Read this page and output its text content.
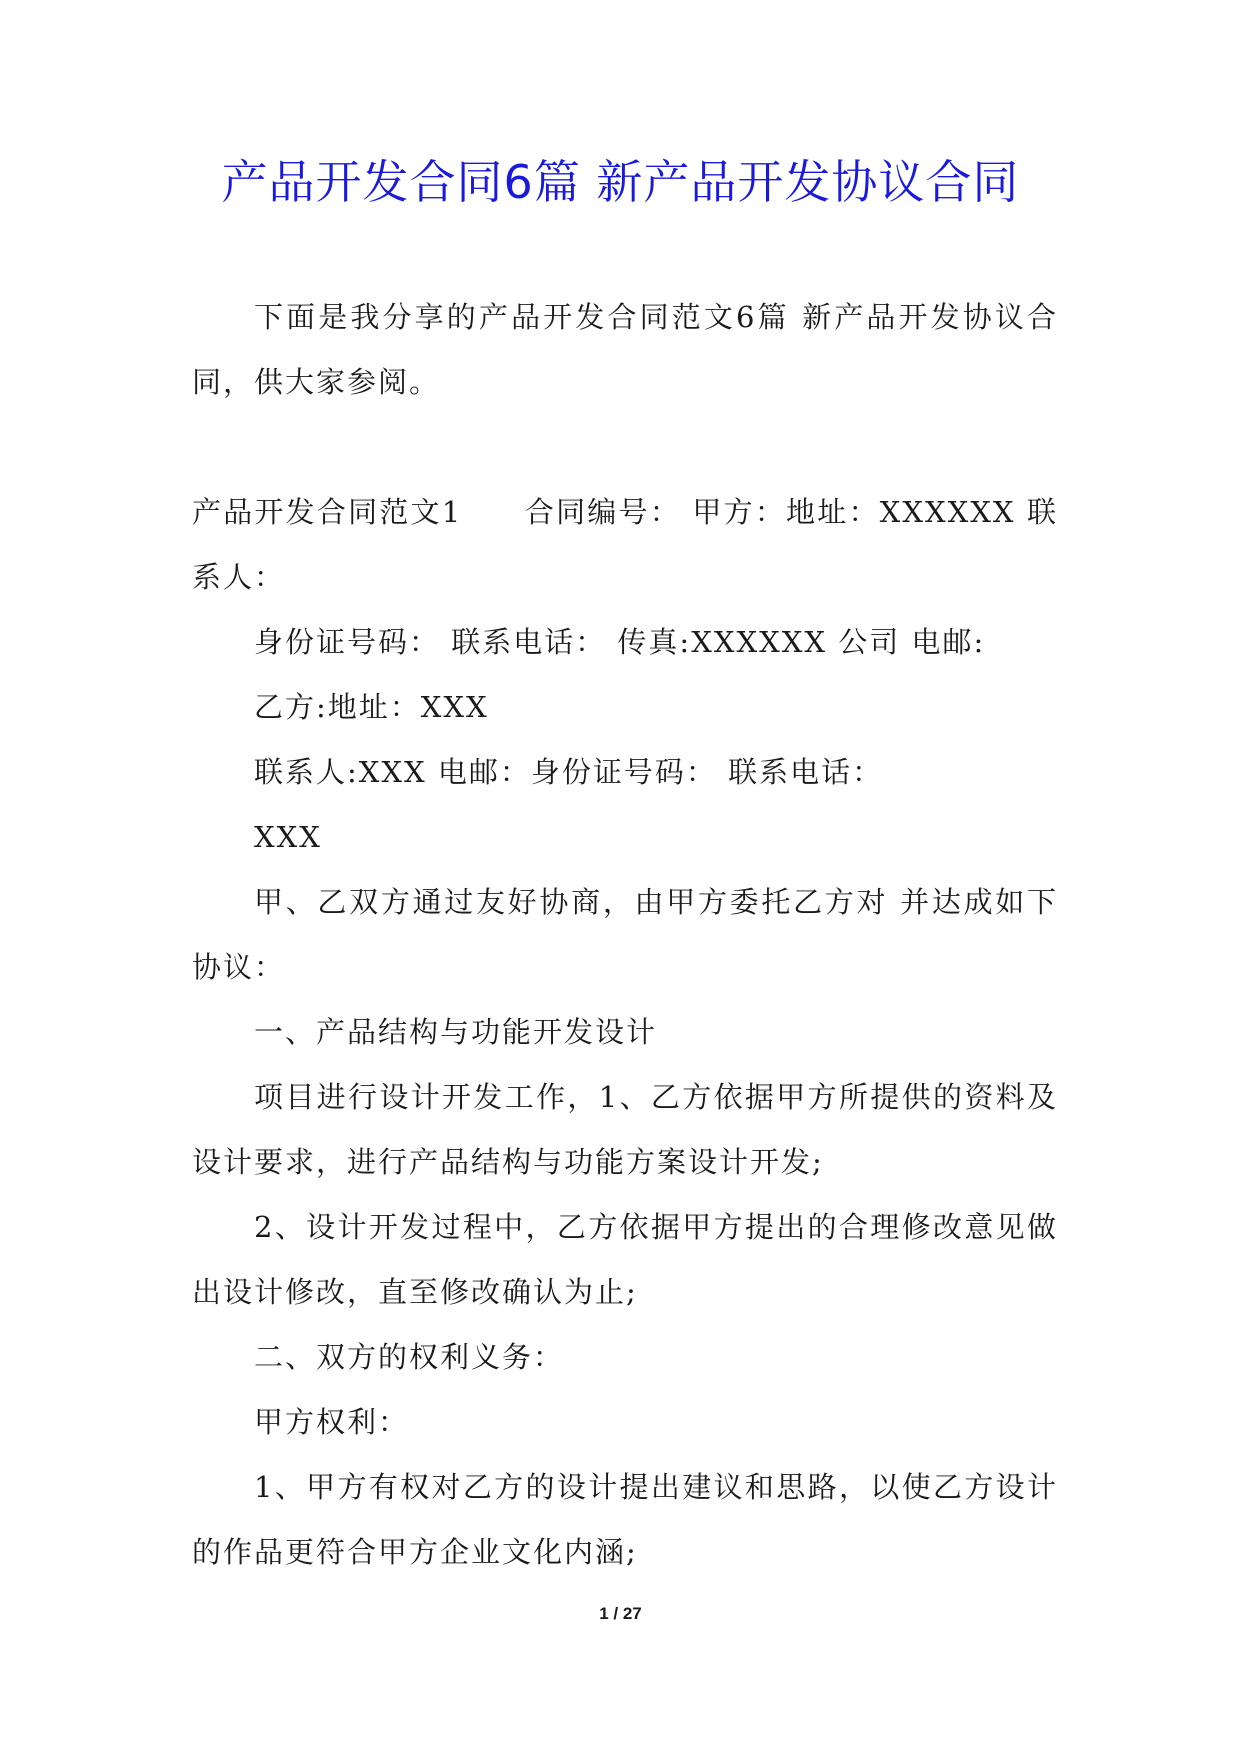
产品开发合同6篇 新产品开发协议合同

下面是我分享的产品开发合同范文6篇 新产品开发协议合同，供大家参阅。

产品开发合同范文1　　合同编号： 甲方：地址：XXXXXX 联系人：

身份证号码： 联系电话： 传真:XXXXXX 公司 电邮:

乙方:地址：XXX

联系人:XXX 电邮：身份证号码： 联系电话：

XXX

甲、乙双方通过友好协商，由甲方委托乙方对 并达成如下协议：

一、产品结构与功能开发设计

项目进行设计开发工作，1、乙方依据甲方所提供的资料及设计要求，进行产品结构与功能方案设计开发;

2、设计开发过程中，乙方依据甲方提出的合理修改意见做出设计修改，直至修改确认为止;

二、双方的权利义务：

甲方权利：

1、甲方有权对乙方的设计提出建议和思路，以使乙方设计的作品更符合甲方企业文化内涵;

1 / 27
